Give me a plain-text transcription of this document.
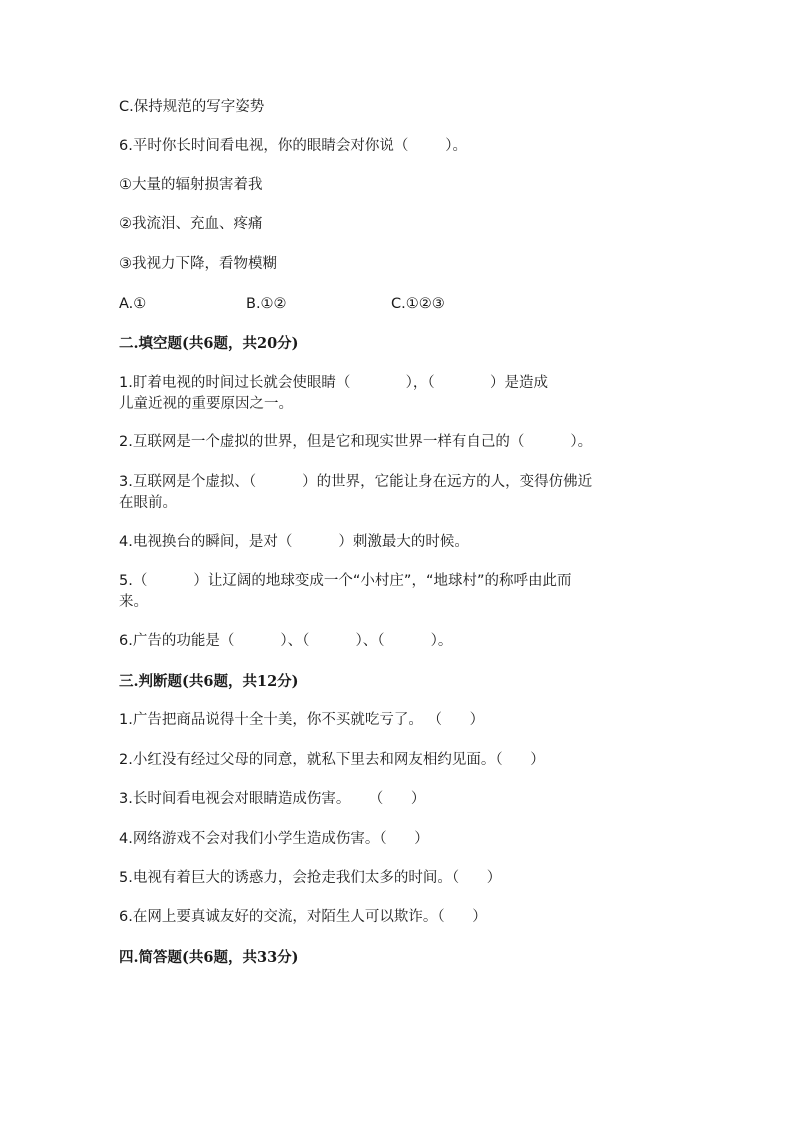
C.保持规范的写字姿势
6.平时你长时间看电视，你的眼睛会对你说（        ）。
①大量的辐射损害着我
②我流泪、充血、疼痛
③我视力下降，看物模糊
A.①	B.①②	C.①②③
二.填空题(共6题，共20分)
1.盯着电视的时间过长就会使眼睛（            ），（            ）是造成
儿童近视的重要原因之一。
2.互联网是一个虚拟的世界，但是它和现实世界一样有自己的（          ）。
3.互联网是个虚拟、（          ）的世界，它能让身在远方的人，变得仿佛近
在眼前。
4.电视换台的瞬间，是对（          ）刺激最大的时候。
5.（          ）让辽阔的地球变成一个“小村庄”，“地球村”的称呼由此而
来。
6.广告的功能是（          ）、（          ）、（          ）。
三.判断题(共6题，共12分)
1.广告把商品说得十全十美，你不买就吃亏了。 （      ）
2.小红没有经过父母的同意，就私下里去和网友相约见面。（      ）
3.长时间看电视会对眼睛造成伤害。    （      ）
4.网络游戏不会对我们小学生造成伤害。（      ）
5.电视有着巨大的诱惑力，会抢走我们太多的时间。（      ）
6.在网上要真诚友好的交流，对陌生人可以欺诈。（      ）
四.简答题(共6题，共33分)
